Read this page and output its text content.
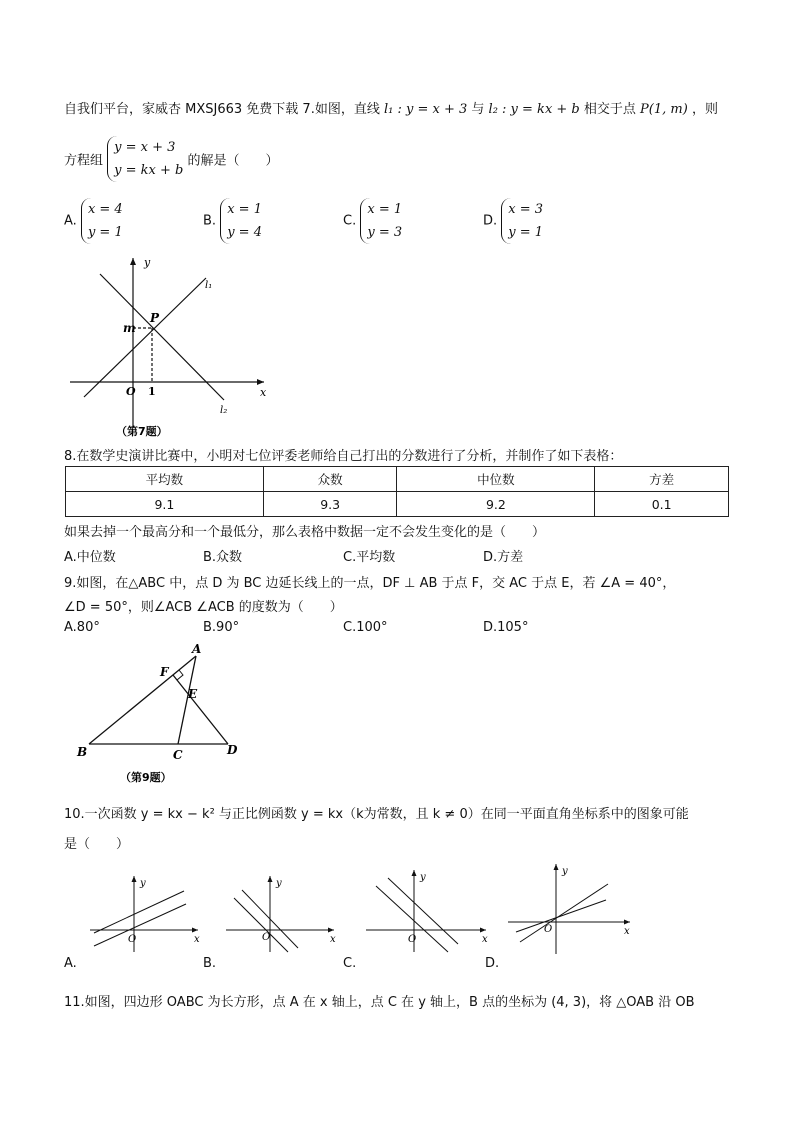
自我们平台，家威杏 MXSJ663 免费下载 7.如图，直线 l₁ : y = x + 3 与 l₂ : y = kx + b 相交于点 P(1, m) ，则
方程组
y = x + 3
y = kx + b
的解是（　　）
A.
x = 4
y = 1
B.
x = 1
y = 4
C.
x = 1
y = 3
D.
x = 3
y = 1
y
x
l₁
l₂
P
m
O 1
（第7题）
8.在数学史演讲比赛中，小明对七位评委老师给自己打出的分数进行了分析，并制作了如下表格：
平均数	众数	中位数	方差
9.1	9.3	9.2	0.1
如果去掉一个最高分和一个最低分，那么表格中数据一定不会发生变化的是（　　）
A.中位数	B.众数	C.平均数	D.方差
9.如图，在△ABC 中，点 D 为 BC 边延长线上的一点，DF ⊥ AB 于点 F，交 AC 于点 E，若 ∠A = 40°，
∠D = 50°，则∠ACB ∠ACB 的度数为（　　）
A.80°	B.90°	C.100°	D.105°
A
B	C	D
E
F
（第9题）
10.一次函数 y = kx − k² 与正比例函数 y = kx（k为常数，且 k ≠ 0）在同一平面直角坐标系中的图象可能
是（　　）
y
x
O
y
x
O
y
x
O
y
x
O
A.	B.	C.	D.
11.如图，四边形 OABC 为长方形，点 A 在 x 轴上，点 C 在 y 轴上，B 点的坐标为 (4, 3)，将 △OAB 沿 OB
